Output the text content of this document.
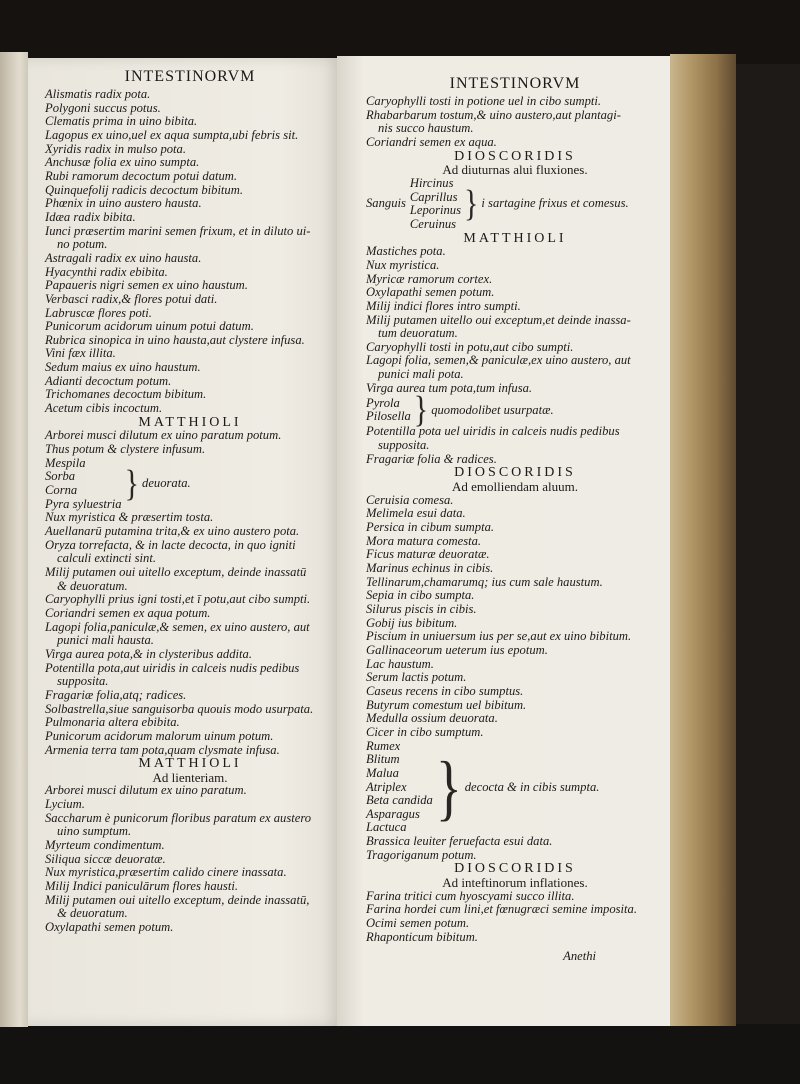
INTESTINORVM
Alismatis radix pota.
Polygoni succus potus.
Clematis prima in uino bibita.
Lagopus ex uino,uel ex aqua sumpta,ubi febris sit.
Xyridis radix in mulso pota.
Anchusæ folia ex uino sumpta.
Rubi ramorum decoctum potui datum.
Quinquefolij radicis decoctum bibitum.
Phœnix in uino austero hausta.
Idæa radix bibita.
Iunci præsertim marini semen frixum, et in diluto ui-
no potum.
Astragali radix ex uino hausta.
Hyacynthi radix ebibita.
Papaueris nigri semen ex uino haustum.
Verbasci radix,& flores potui dati.
Labruscæ flores poti.
Punicorum acidorum uinum potui datum.
Rubrica sinopica in uino hausta,aut clystere infusa.
Vini fæx illita.
Sedum maius ex uino haustum.
Adianti decoctum potum.
Trichomanes decoctum bibitum.
Acetum cibis incoctum.
MATTHIOLI
Arborei musci dilutum ex uino paratum potum.
Thus potum & clystere infusum.
Mespila
Sorba
Corna
Pyra syluestria } deuorata.
Nux myristica & præsertim tosta.
Auellanarū putamina trita,& ex uino austero pota.
Oryza torrefacta, & in lacte decocta, in quo igniti
calculi extincti sint.
Milij putamen oui uitello exceptum, deinde inassatū
& deuoratum.
Caryophylli prius igni tosti,et ī potu,aut cibo sumpti.
Coriandri semen ex aqua potum.
Lagopi folia,paniculæ,& semen, ex uino austero, aut
punici mali hausta.
Virga aurea pota,& in clysteribus addita.
Potentilla pota,aut uiridis in calceis nudis pedibus
supposita.
Fragariæ folia,atq; radices.
Solbastrella,siue sanguisorba quouis modo usurpata.
Pulmonaria altera ebibita.
Punicorum acidorum malorum uinum potum.
Armenia terra tam pota,quam clysmate infusa.
MATTHIOLI
Ad lienteriam.
Arborei musci dilutum ex uino paratum.
Lycium.
Saccharum è punicorum floribus paratum ex austero
uino sumptum.
Myrteum condimentum.
Siliqua siccæ deuoratæ.
Nux myristica,præsertim calido cinere inassata.
Milij Indici paniculārum flores hausti.
Milij putamen oui uitello exceptum, deinde inassatū,
& deuoratum.
Oxylapathi semen potum.
INTESTINORVM
Caryophylli tosti in potione uel in cibo sumpti.
Rhabarbarum tostum,& uino austero,aut plantagi-
nis succo haustum.
Coriandri semen ex aqua.
DIOSCORIDIS
Ad diuturnas alui fluxiones.
Sanguis
Hircinus
Caprillus
Leporinus
Ceruinus } i sartagine frixus et comesus.
MATTHIOLI
Mastiches pota.
Nux myristica.
Myricæ ramorum cortex.
Oxylapathi semen potum.
Milij indici flores intro sumpti.
Milij putamen uitello oui exceptum,et deinde inassa-
tum deuoratum.
Caryophylli tosti in potu,aut cibo sumpti.
Lagopi folia, semen,& paniculæ,ex uino austero, aut
punici mali pota.
Virga aurea tum pota,tum infusa.
Pyrola
Pilosella } quomodolibet usurpatæ.
Potentilla pota uel uiridis in calceis nudis pedibus
supposita.
Fragariæ folia & radices.
DIOSCORIDIS
Ad emolliendam aluum.
Ceruisia comesa.
Melimela esui data.
Persica in cibum sumpta.
Mora matura comesta.
Ficus maturæ deuoratæ.
Marinus echinus in cibis.
Tellinarum,chamarumq; ius cum sale haustum.
Sepia in cibo sumpta.
Silurus piscis in cibis.
Gobij ius bibitum.
Piscium in uniuersum ius per se,aut ex uino bibitum.
Gallinaceorum ueterum ius epotum.
Lac haustum.
Serum lactis potum.
Caseus recens in cibo sumptus.
Butyrum comestum uel bibitum.
Medulla ossium deuorata.
Cicer in cibo sumptum.
Rumex
Blitum
Malua
Atriplex
Beta candida
Asparagus
Lactuca } decocta & in cibis sumpta.
Brassica leuiter feruefacta esui data.
Tragoriganum potum.
DIOSCORIDIS
Ad inteftinorum inflationes.
Farina tritici cum hyoscyami succo illita.
Farina hordei cum lini,et fœnugræci semine imposita.
Ocimi semen potum.
Rhaponticum bibitum.
Anethi
